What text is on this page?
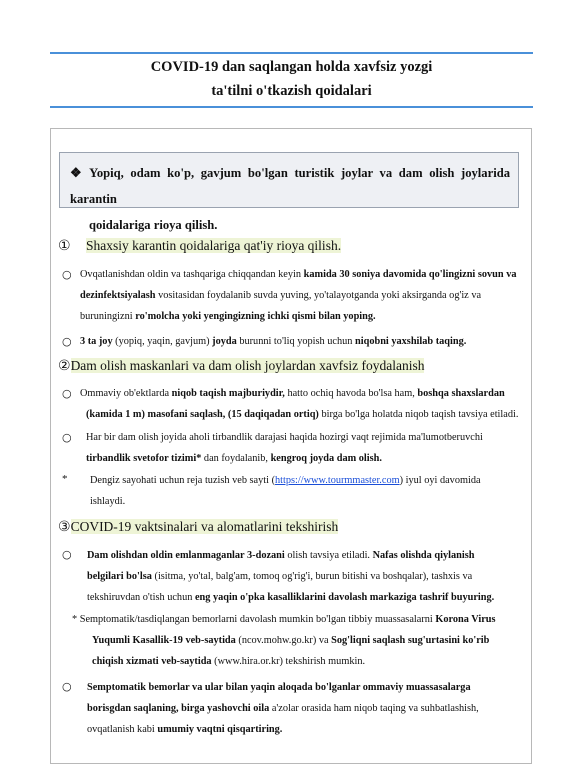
COVID-19 dan saqlangan holda xavfsiz yozgi
ta'tilni o'tkazish qoidalari
❖ Yopiq, odam ko'p, gavjum bo'lgan turistik joylar va dam olish joylarida karantin
qoidalariga rioya qilish.
① Shaxsiy karantin qoidalariga qat'iy rioya qilish.
○ Ovqatlanishdan oldin va tashqariga chiqqandan keyin kamida 30 soniya davomida qo'lingizni sovun va
dezinfektsiyalash vositasidan foydalanib suvda yuving, yo'talayotganda yoki aksirganda og'iz va
buruningizni ro'molcha yoki yengingizning ichki qismi bilan yoping.
○ 3 ta joy (yopiq, yaqin, gavjum) joyda burunni to'liq yopish uchun niqobni yaxshilab taqing.
②Dam olish maskanlari va dam olish joylardan xavfsiz foydalanish
○ Ommaviy ob'ektlarda niqob taqish majburiydir, hatto ochiq havoda bo'lsa ham, boshqa shaxslardan
(kamida 1 m) masofani saqlash, (15 daqiqadan ortiq) birga bo'lga holatda niqob taqish tavsiya etiladi.
○ Har bir dam olish joyida aholi tirbandlik darajasi haqida hozirgi vaqt rejimida ma'lumotberuvchi
tirbandlik svetofor tizimi* dan foydalanib, kengroq joyda dam olish.
* Dengiz sayohati uchun reja tuzish veb sayti (https://www.tourmmaster.com) iyul oyi davomida
ishlaydi.
③COVID-19 vaktsinalari va alomatlarini tekshirish
○ Dam olishdan oldin emlanmaganlar 3-dozani olish tavsiya etiladi. Nafas olishda qiylanish
belgilari bo'lsa (isitma, yo'tal, balg'am, tomoq og'rig'i, burun bitishi va boshqalar), tashxis va
tekshiruvdan o'tish uchun eng yaqin o'pka kasalliklarini davolash markaziga tashrif buyuring.
* Semptomatik/tasdiqlangan bemorlarni davolash mumkin bo'lgan tibbiy muassasalarni Korona Virus
Yuqumli Kasallik-19 veb-saytida (ncov.mohw.go.kr) va Sog'liqni saqlash sug'urtasini ko'rib
chiqish xizmati veb-saytida (www.hira.or.kr) tekshirish mumkin.
○ Semptomatik bemorlar va ular bilan yaqin aloqada bo'lganlar ommaviy muassasalarga
borisgdan saqlaning, birga yashovchi oila a'zolar orasida ham niqob taqing va suhbatlashish,
ovqatlanish kabi umumiy vaqtni qisqartiring.
